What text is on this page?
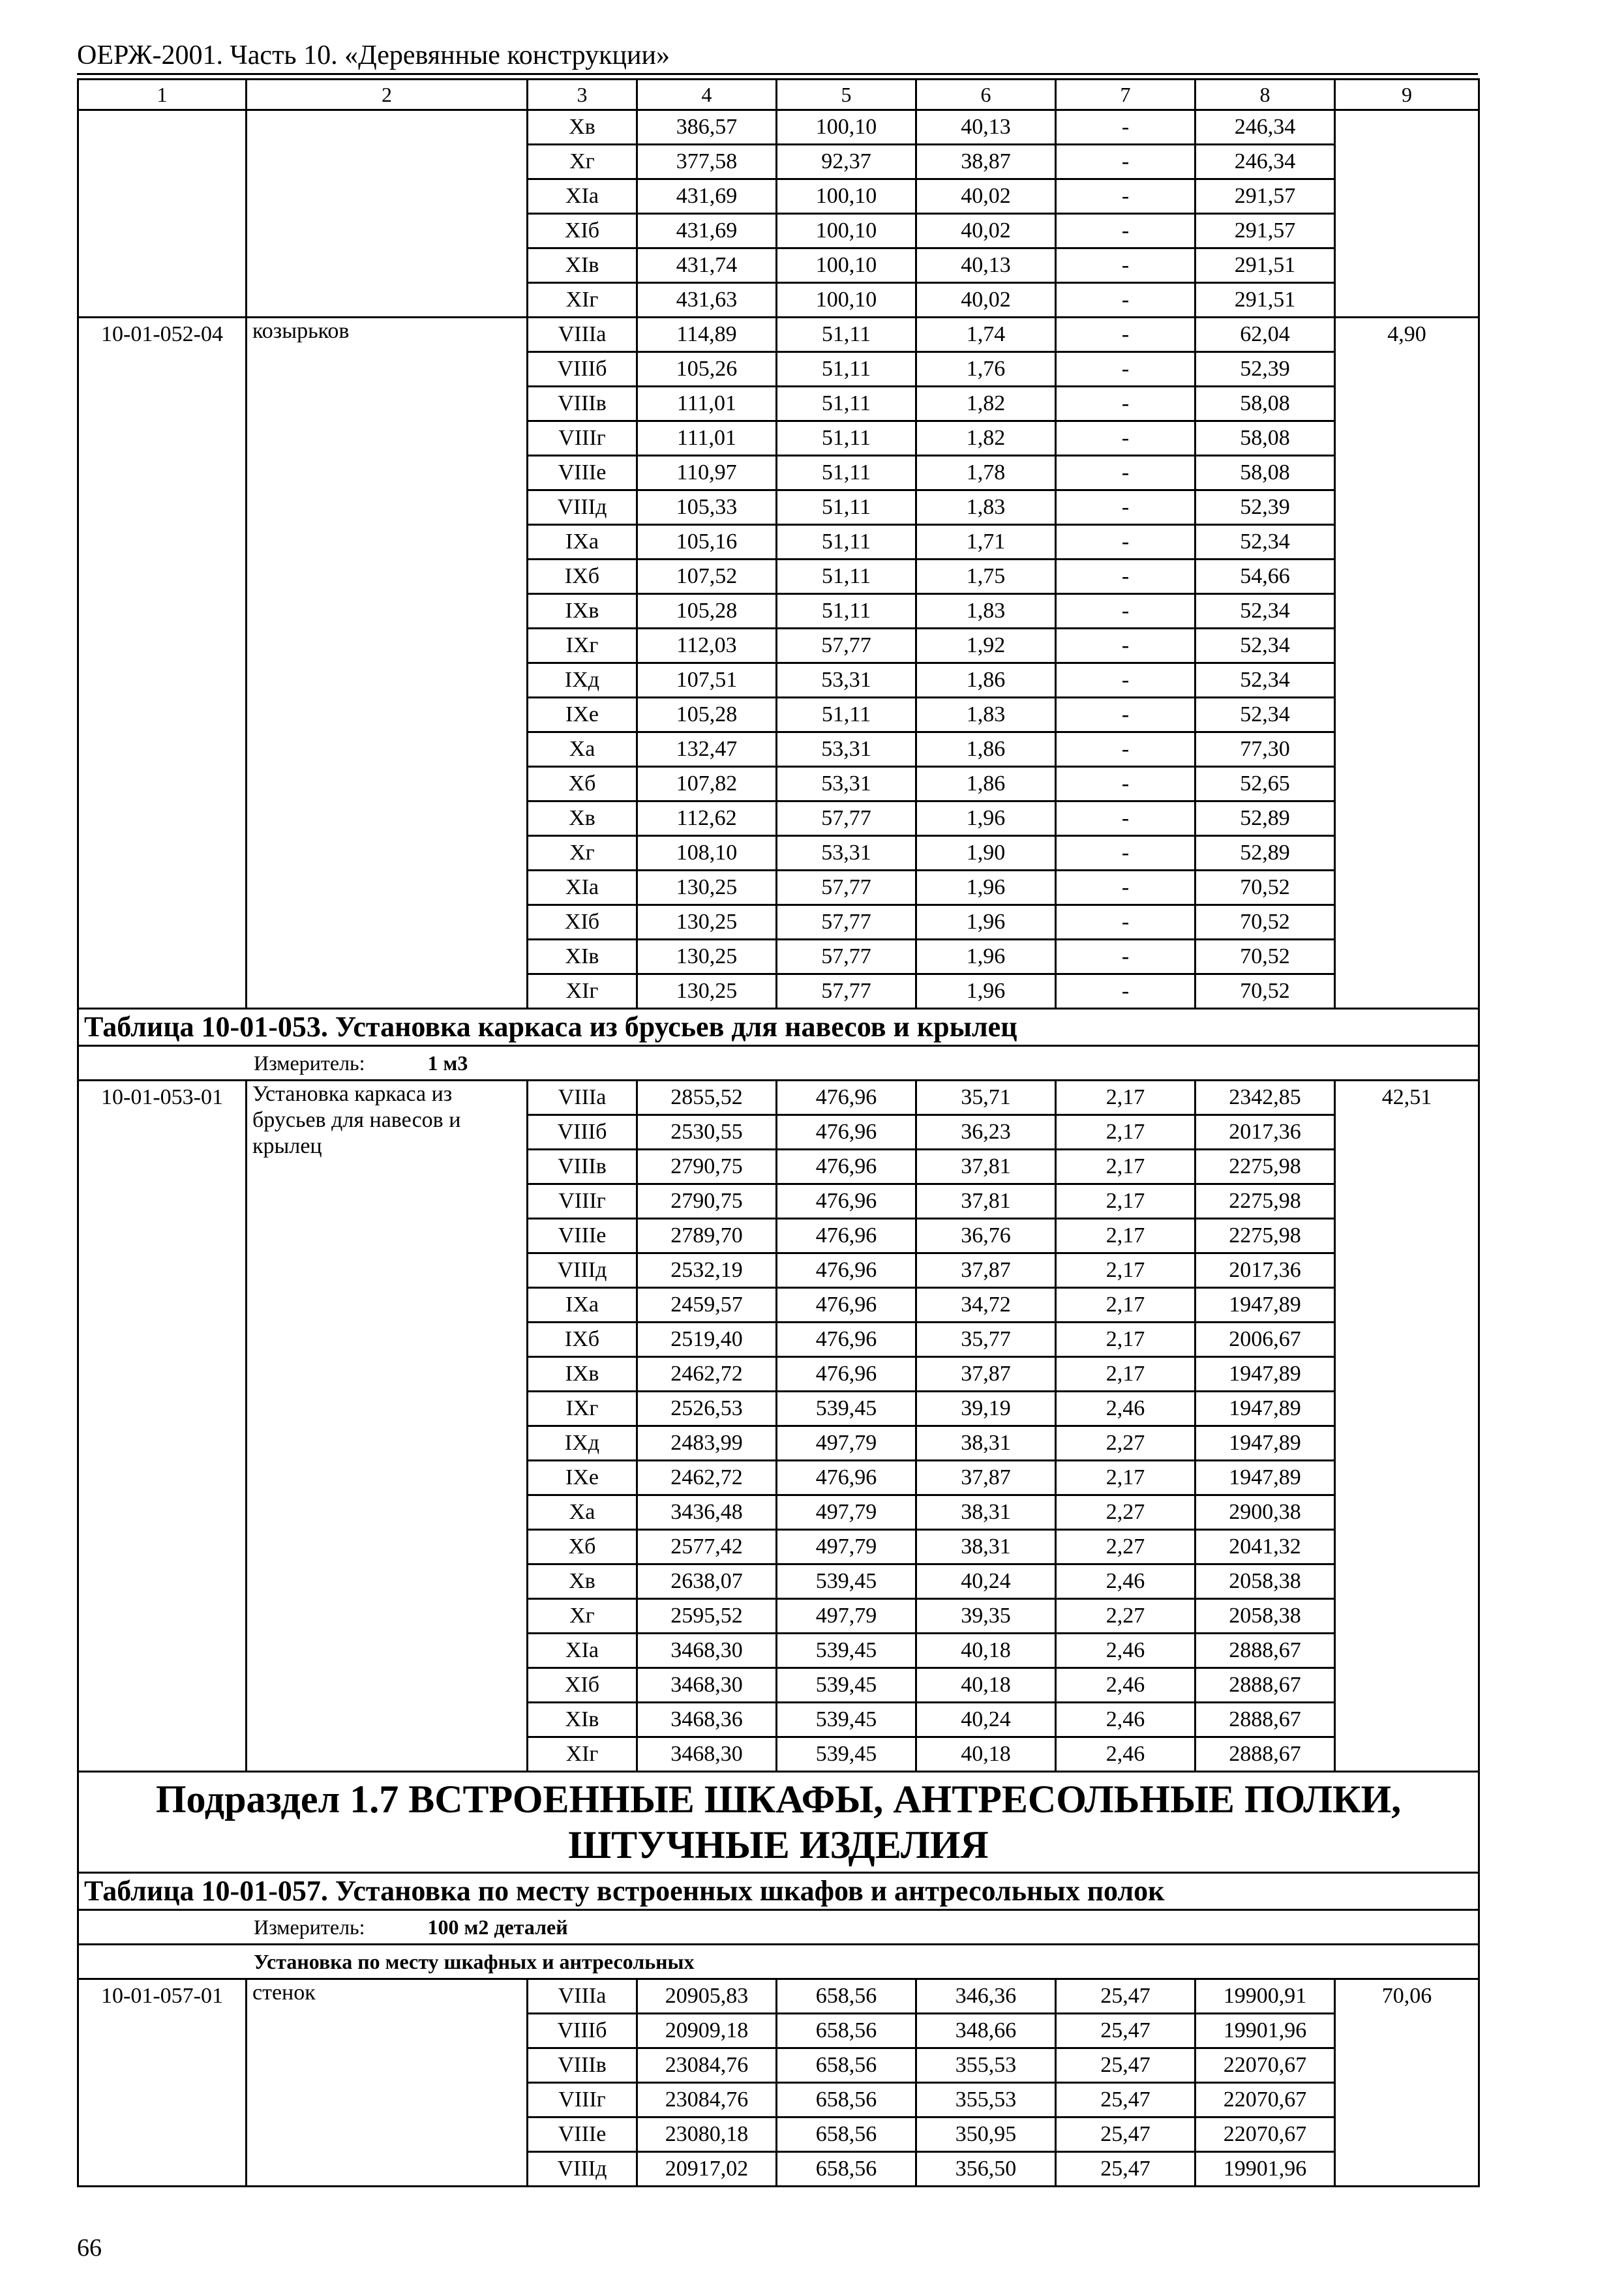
ОЕРЖ-2001. Часть 10. «Деревянные конструкции»
1	2	3	4	5	6	7	8	9
		Xв	386,57	100,10	40,13	-	246,34	
		Xг	377,58	92,37	38,87	-	246,34	
		XIа	431,69	100,10	40,02	-	291,57	
		XIб	431,69	100,10	40,02	-	291,57	
		XIв	431,74	100,10	40,13	-	291,51	
		XIг	431,63	100,10	40,02	-	291,51	
10-01-052-04	козырьков	VIIIа	114,89	51,11	1,74	-	62,04	4,90
		VIIIб	105,26	51,11	1,76	-	52,39	
		VIIIв	111,01	51,11	1,82	-	58,08	
		VIIIг	111,01	51,11	1,82	-	58,08	
		VIIIе	110,97	51,11	1,78	-	58,08	
		VIIIд	105,33	51,11	1,83	-	52,39	
		IXа	105,16	51,11	1,71	-	52,34	
		IXб	107,52	51,11	1,75	-	54,66	
		IXв	105,28	51,11	1,83	-	52,34	
		IXг	112,03	57,77	1,92	-	52,34	
		IXд	107,51	53,31	1,86	-	52,34	
		IXе	105,28	51,11	1,83	-	52,34	
		Xа	132,47	53,31	1,86	-	77,30	
		Xб	107,82	53,31	1,86	-	52,65	
		Xв	112,62	57,77	1,96	-	52,89	
		Xг	108,10	53,31	1,90	-	52,89	
		XIа	130,25	57,77	1,96	-	70,52	
		XIб	130,25	57,77	1,96	-	70,52	
		XIв	130,25	57,77	1,96	-	70,52	
		XIг	130,25	57,77	1,96	-	70,52	
Таблица 10-01-053. Установка каркаса из брусьев для навесов и крылец								
Измеритель: 1 м3								
10-01-053-01	Установка каркаса из
брусьев для навесов и
крылец	VIIIа	2855,52	476,96	35,71	2,17	2342,85	42,51
		VIIIб	2530,55	476,96	36,23	2,17	2017,36	
		VIIIв	2790,75	476,96	37,81	2,17	2275,98	
		VIIIг	2790,75	476,96	37,81	2,17	2275,98	
		VIIIе	2789,70	476,96	36,76	2,17	2275,98	
		VIIIд	2532,19	476,96	37,87	2,17	2017,36	
		IXа	2459,57	476,96	34,72	2,17	1947,89	
		IXб	2519,40	476,96	35,77	2,17	2006,67	
		IXв	2462,72	476,96	37,87	2,17	1947,89	
		IXг	2526,53	539,45	39,19	2,46	1947,89	
		IXд	2483,99	497,79	38,31	2,27	1947,89	
		IXе	2462,72	476,96	37,87	2,17	1947,89	
		Xа	3436,48	497,79	38,31	2,27	2900,38	
		Xб	2577,42	497,79	38,31	2,27	2041,32	
		Xв	2638,07	539,45	40,24	2,46	2058,38	
		Xг	2595,52	497,79	39,35	2,27	2058,38	
		XIа	3468,30	539,45	40,18	2,46	2888,67	
		XIб	3468,30	539,45	40,18	2,46	2888,67	
		XIв	3468,36	539,45	40,24	2,46	2888,67	
		XIг	3468,30	539,45	40,18	2,46	2888,67	

Подраздел 1.7 ВСТРОЕННЫЕ ШКАФЫ, АНТРЕСОЛЬНЫЕ ПОЛКИ,
ШТУЧНЫЕ ИЗДЕЛИЯ								

Таблица 10-01-057. Установка по месту встроенных шкафов и антресольных полок								
Измеритель: 100 м2 деталей								
Установка по месту шкафных и антресольных								
10-01-057-01	стенок	VIIIа	20905,83	658,56	346,36	25,47	19900,91	70,06
		VIIIб	20909,18	658,56	348,66	25,47	19901,96	
		VIIIв	23084,76	658,56	355,53	25,47	22070,67	
		VIIIг	23084,76	658,56	355,53	25,47	22070,67	
		VIIIе	23080,18	658,56	350,95	25,47	22070,67	
		VIIIд	20917,02	658,56	356,50	25,47	19901,96	
66
